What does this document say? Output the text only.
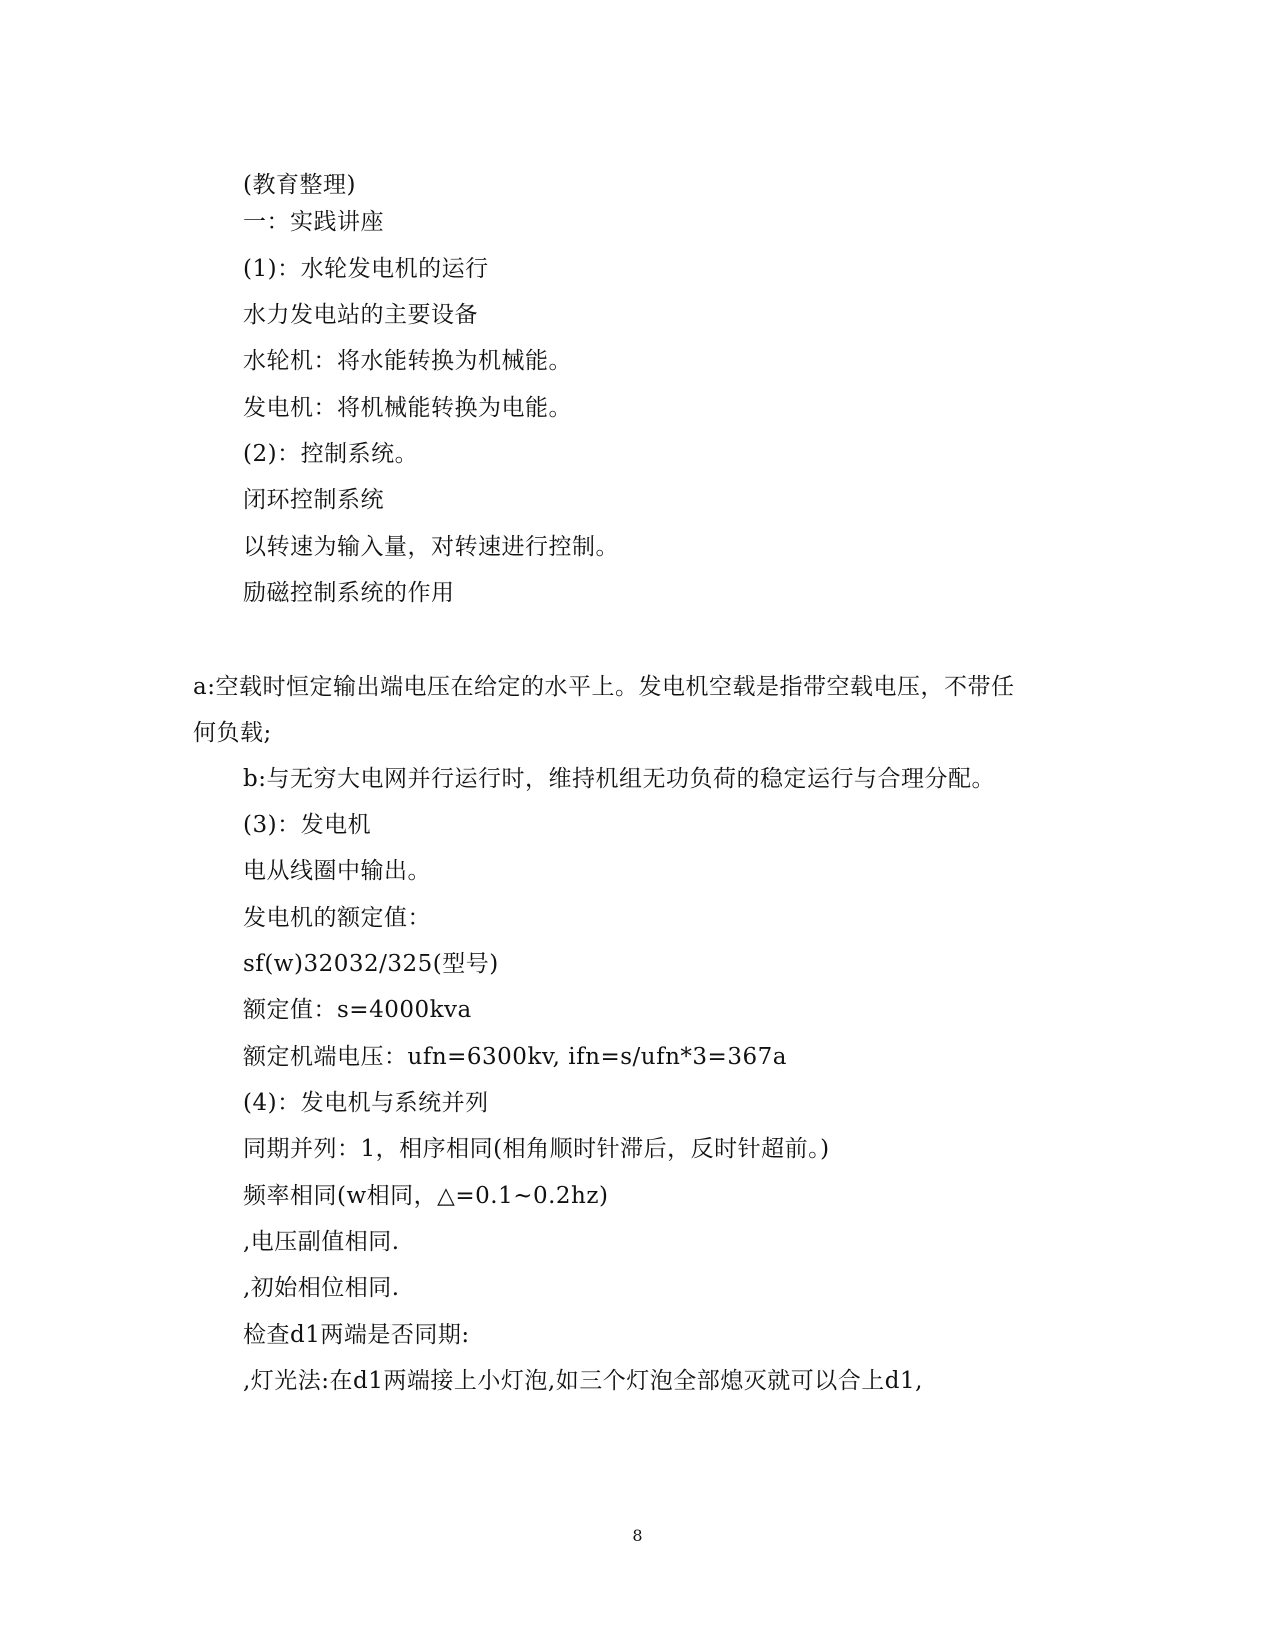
(教育整理)
一：实践讲座
(1)：水轮发电机的运行
水力发电站的主要设备
水轮机：将水能转换为机械能。
发电机：将机械能转换为电能。
(2)：控制系统。
闭环控制系统
以转速为输入量，对转速进行控制。
励磁控制系统的作用
a:空载时恒定输出端电压在给定的水平上。发电机空载是指带空载电压，不带任
何负载;
b:与无穷大电网并行运行时，维持机组无功负荷的稳定运行与合理分配。
(3)：发电机
电从线圈中输出。
发电机的额定值：
sf(w)32032/325(型号)
额定值：s=4000kva
额定机端电压：ufn=6300kv, ifn=s/ufn*3=367a
(4)：发电机与系统并列
同期并列：1，相序相同(相角顺时针滞后，反时针超前。)
频率相同(w相同，△=0.1~0.2hz)
,电压副值相同.
,初始相位相同.
检查d1两端是否同期:
,灯光法:在d1两端接上小灯泡,如三个灯泡全部熄灭就可以合上d1,
8
